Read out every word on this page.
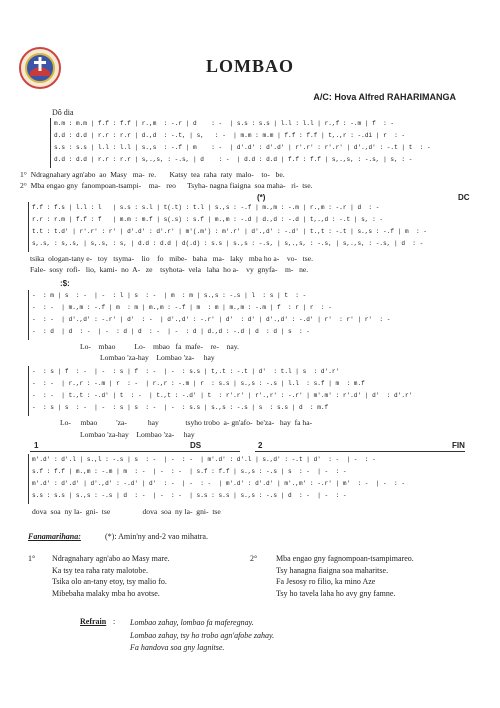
LOMBAO
A/C: Hova Alfred RAHARIMANGA
Dô dia
m.m : m.m | f.f : f.f | r.,m  : -.r | d    : -  | s.s : s.s | l.l : l.l | r.,f : -.m | f  : -
d.d : d.d | r.r : r.r | d.,d  : -.t, | s,   : -  | m.m : m.m | f.f : f.f | t,.,r : -.di | r  : -
s.s : s.s | l.l : l.l | s.,s  : -.f | m    : -  | d'.d' : d'.d' | r'.r' : r'.r' | d'.,d' : -.t | t  : -
d.d : d.d | r.r : r.r | s,.,s, : -.s, | d    : -  | d.d : d.d | f.f : f.f | s,.,s, : -.s, | s, : -
1°  Ndragnahary agn'abo  ao  Masy   ma-  re.       Katsy  tea  raha  raty  malo-    to-   be.
2°  Mba engao gny  fanompoan-tsampi-    ma-   reo      Tsyha- nagna fiaigna  soa maha-   ri-  tse.
(*)	DC
f.f : f.s | l.l : l   | s.s : s.l | t(.t) : t.l | s.,s : -.f | m.,m : -.m | r.,m : -.r | d  : -
r.r : r.m | f.f : f   | m.m : m.f | s(.s) : s.f | m.,m : -.d | d.,d : -.d | t,.,d : -.t | s, : -
t.t : t.d' | r'.r' : r' | d'.d' : d'.r' | m'(.m') : m'.r' | d'.,d' : -.d' | t.,t : -.t | s.,s : -.f | m  : -
s,.s, : s,.s, | s,.s, : s, | d.d : d.d | d(.d) : s.s | s.,s : -.s, | s,.,s, : -.s, | s,.,s, : -.s, | d  : -
tsika  ologan-tany e-   toy   tsyma-    lio    fo   mibe-   baha   ma-   laky   mba ho a-    vo-   tse.
Fale-  sosy  rofi-   lio,  kami-  no  A-   ze    tsyhota-  vela   laha  ho a-    vy  gnyfa-    m-   ne.
:$:
-  : m | s  : -  | -  : l | s  : -  | m  : m | s.,s : -.s | l  : s | t  : -
-  : -  | m.,m : -.f | m  : m | m.,m : -.f | m  : m | m.,m : -.m | f  : r | r  : -
-  : -  | d'.,d' : -.r' | d'  : -  | d'.,d' : -.r' | d'  : d' | d'.,d' : -.d' | r'  : r' | r'  : -
-  : d  | d  : -  | -  : d | d  : -  | -  : d | d.,d : -.d | d  : d | s  : -
Lo-    mbao          Lo-    mbao   fa  mafe-    re-    nay.
Lombao 'za-hay    Lombao 'za-     hay
-  : s | f  : -  | -  : s | f  : -  | -  : s.s | t,.t : -.t | d'  : t.l | s  : d'.r'
-  : -  | r.,r : -.m | r  : -  | r.,r : -.m | r  : s.s | s.,s : -.s | l.l  : s.f | m  : m.f
-  : -  | t.,t : -.d' | t  : -  | t.,t : -.d' | t  : r'.r' | r'.,r' : -.r' | m'.m' : r'.d' | d'  : d'.r'
-  : s | s  : -  | -  : s | s  : -  | -  : s.s | s.,s : -.s | s  : s.s | d  : m.f
Lo-     mbao          'za-           hay              tsyho trobo  a- gn'afo-  be'za-   hay  fa ha-
Lombao 'za-hay    Lombao 'za-     hay
1	DS	2	FIN
m'.d' : d'.l | s.,l : -.s | s  : -  | -  : -  | m'.d' : d'.l | s.,d' : -.t | d'  : -  | -  : -
s.f : f.f | m.,m : -.m | m  : -  | -  : -  | s.f : f.f | s.,s : -.s | s  : -  | -  : -
m'.d' : d'.d' | d'.,d' : -.d' | d'  : -  | -  : -  | m'.d' : d'.d' | m'.,m' : -.r' | m'  : -  | -  : -
s.s : s.s | s.,s : -.s | d  : -  | -  : -  | s.s : s.s | s.,s : -.s | d  : -  | -  : -
dova  soa  ny la-  gni-  tse                 dova  soa  ny la-  gni-  tse
Fanamarihana:	(*): Amin'ny and-2 vao mihatra.
1° Ndragnahary agn'abo ao Masy mare.
Ka tsy tea raha raty malotobe.
Tsika olo an-tany etoy, tsy malio fo.
Mibebaha malaky mba ho avotse.
2° Mba engao gny fagnompoan-tsampimareo.
Tsy hanagna fiaigna soa maharitse.
Fa Jesosy ro filio, ka mino Aze
Tsy ho tavela laha ho avy gny famne.
Refrain : Lombao zahay, lombao fa maferegnay.
Lombao zahay, tsy ho trobo agn'afobe zahay.
Fa handova soa gny lagnitse.
